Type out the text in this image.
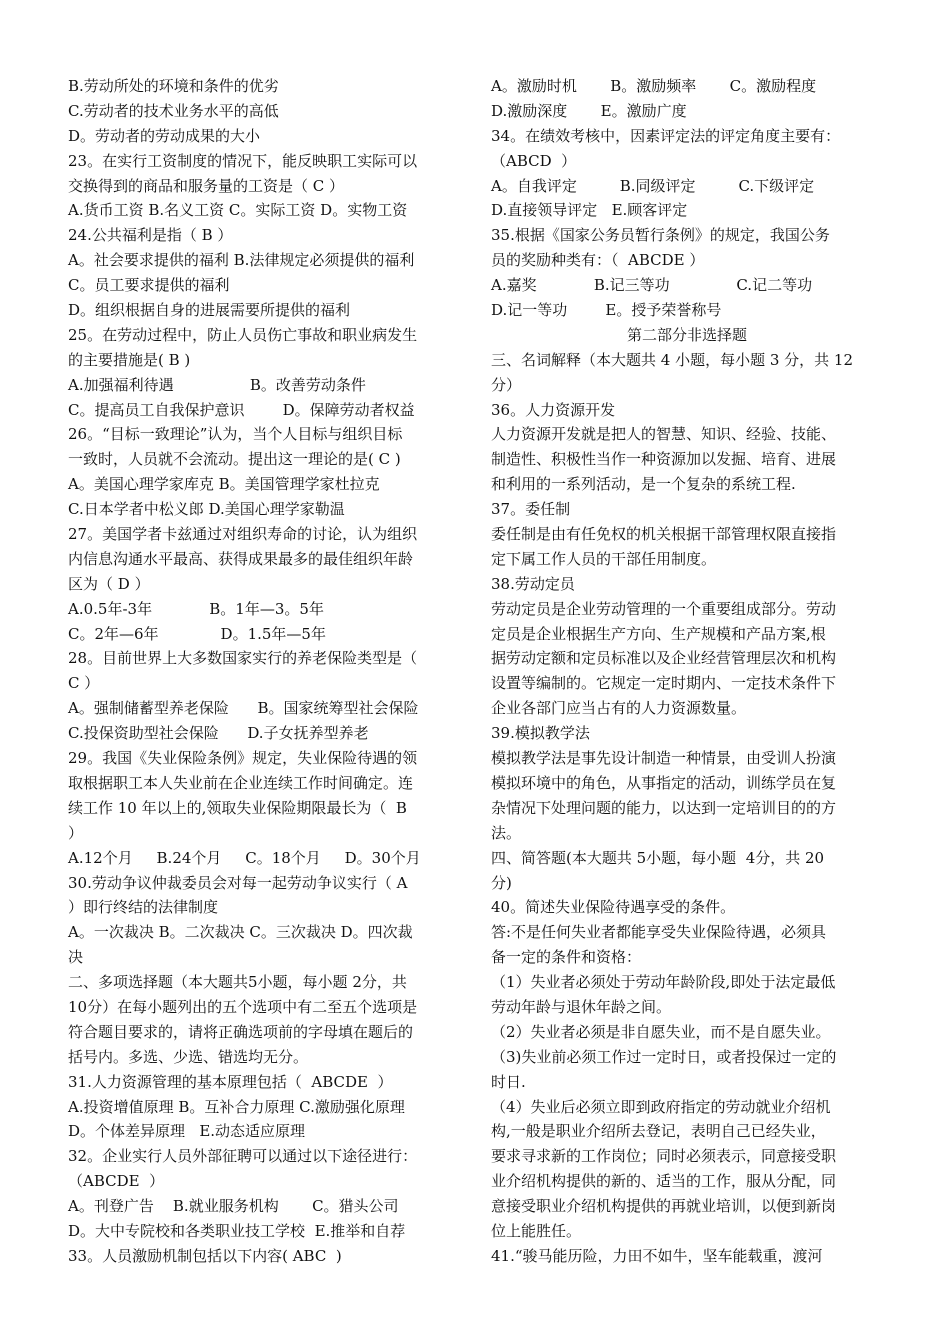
B.劳动所处的环境和条件的优劣
C.劳动者的技术业务水平的高低
D。劳动者的劳动成果的大小
23。在实行工资制度的情况下，能反映职工实际可以
交换得到的商品和服务量的工资是（ C ）
A.货币工资 B.名义工资 C。实际工资 D。实物工资
24.公共福利是指（ B ）
A。社会要求提供的福利 B.法律规定必须提供的福利
C。员工要求提供的福利
D。组织根据自身的进展需要所提供的福利
25。在劳动过程中，防止人员伤亡事故和职业病发生
的主要措施是( B )
A.加强福利待遇                B。改善劳动条件
C。提高员工自我保护意识        D。保障劳动者权益
26。“目标一致理论”认为，当个人目标与组织目标
一致时，人员就不会流动。提出这一理论的是( C )
A。美国心理学家库克 B。美国管理学家杜拉克
C.日本学者中松义郎 D.美国心理学家勒温
27。美国学者卡兹通过对组织寿命的讨论，认为组织
内信息沟通水平最高、获得成果最多的最佳组织年龄
区为（ D ）
A.0.5年-3年            B。1年—3。5年
C。2年—6年             D。1.5年—5年
28。目前世界上大多数国家实行的养老保险类型是（
C ）
A。强制储蓄型养老保险      B。国家统筹型社会保险
C.投保资助型社会保险      D.子女抚养型养老
29。我国《失业保险条例》规定，失业保险待遇的领
取根据职工本人失业前在企业连续工作时间确定。连
续工作 10 年以上的,领取失业保险期限最长为（  B
）
A.12个月     B.24个月     C。18个月     D。30个月
30.劳动争议仲裁委员会对每一起劳动争议实行（ A
）即行终结的法律制度
A。一次裁决 B。二次裁决 C。三次裁决 D。四次裁
决
二、多项选择题（本大题共5小题，每小题 2分，共
10分）在每小题列出的五个选项中有二至五个选项是
符合题目要求的，请将正确选项前的字母填在题后的
括号内。多选、少选、错选均无分。
31.人力资源管理的基本原理包括（  ABCDE  ）
A.投资增值原理 B。互补合力原理 C.激励强化原理
D。个体差异原理   E.动态适应原理
32。企业实行人员外部征聘可以通过以下途径进行：
（ABCDE  ）
A。刊登广告    B.就业服务机构       C。猎头公司
D。大中专院校和各类职业技工学校  E.推举和自荐
33。人员激励机制包括以下内容( ABC  )
A。激励时机       B。激励频率       C。激励程度
D.激励深度       E。激励广度
34。在绩效考核中，因素评定法的评定角度主要有：
（ABCD  ）
A。自我评定         B.同级评定         C.下级评定
D.直接领导评定   E.顾客评定
35.根据《国家公务员暂行条例》的规定，我国公务
员的奖励种类有：（  ABCDE ）
A.嘉奖            B.记三等功              C.记二等功
D.记一等功        E。授予荣誉称号
第二部分非选择题
三、名词解释（本大题共 4 小题，每小题 3 分，共 12
分）
36。人力资源开发
人力资源开发就是把人的智慧、知识、经验、技能、
制造性、积极性当作一种资源加以发掘、培育、进展
和利用的一系列活动，是一个复杂的系统工程.
37。委任制
委任制是由有任免权的机关根据干部管理权限直接指
定下属工作人员的干部任用制度。
38.劳动定员
劳动定员是企业劳动管理的一个重要组成部分。劳动
定员是企业根据生产方向、生产规模和产品方案,根
据劳动定额和定员标准以及企业经营管理层次和机构
设置等编制的。它规定一定时期内、一定技术条件下
企业各部门应当占有的人力资源数量。
39.模拟教学法
模拟教学法是事先设计制造一种情景，由受训人扮演
模拟环境中的角色，从事指定的活动，训练学员在复
杂情况下处理问题的能力，以达到一定培训目的的方
法。
四、简答题(本大题共 5小题，每小题  4分，共 20
分)
40。简述失业保险待遇享受的条件。
答:不是任何失业者都能享受失业保险待遇，必须具
备一定的条件和资格：
（1）失业者必须处于劳动年龄阶段,即处于法定最低
劳动年龄与退休年龄之间。
（2）失业者必须是非自愿失业，而不是自愿失业。
（3)失业前必须工作过一定时日，或者投保过一定的
时日.
（4）失业后必须立即到政府指定的劳动就业介绍机
构,一般是职业介绍所去登记，表明自己已经失业，
要求寻求新的工作岗位；同时必须表示，同意接受职
业介绍机构提供的新的、适当的工作，服从分配，同
意接受职业介绍机构提供的再就业培训，以便到新岗
位上能胜任。
41.“骏马能历险，力田不如牛，坚车能载重，渡河
